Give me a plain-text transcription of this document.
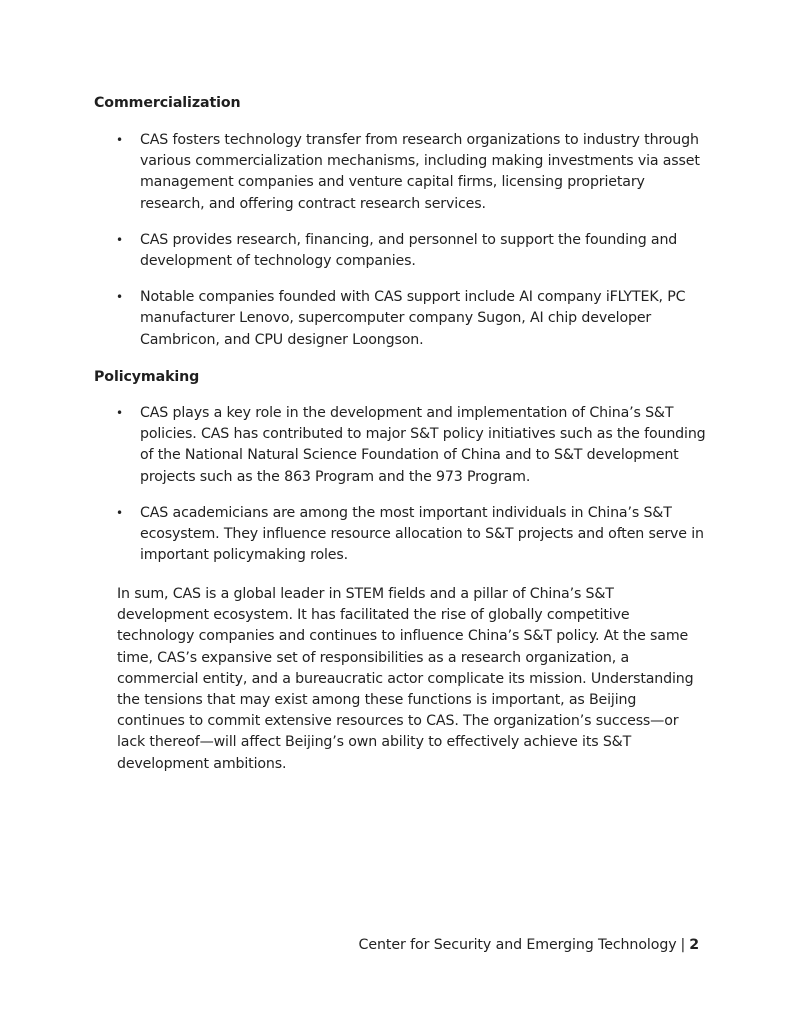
Commercialization
•	CAS fosters technology transfer from research organizations to industry through various commercialization mechanisms, including making investments via asset management companies and venture capital firms, licensing proprietary research, and offering contract research services.
•	CAS provides research, financing, and personnel to support the founding and development of technology companies.
•	Notable companies founded with CAS support include AI company iFLYTEK, PC manufacturer Lenovo, supercomputer company Sugon, AI chip developer Cambricon, and CPU designer Loongson.
Policymaking
•	CAS plays a key role in the development and implementation of China’s S&T policies. CAS has contributed to major S&T policy initiatives such as the founding of the National Natural Science Foundation of China and to S&T development projects such as the 863 Program and the 973 Program.
•	CAS academicians are among the most important individuals in China’s S&T ecosystem. They influence resource allocation to S&T projects and often serve in important policymaking roles.

In sum, CAS is a global leader in STEM fields and a pillar of China’s S&T development ecosystem. It has facilitated the rise of globally competitive technology companies and continues to influence China’s S&T policy. At the same time, CAS’s expansive set of responsibilities as a research organization, a commercial entity, and a bureaucratic actor complicate its mission. Understanding the tensions that may exist among these functions is important, as Beijing continues to commit extensive resources to CAS. The organization’s success—or lack thereof—will affect Beijing’s own ability to effectively achieve its S&T development ambitions.

Center for Security and Emerging Technology | 2
